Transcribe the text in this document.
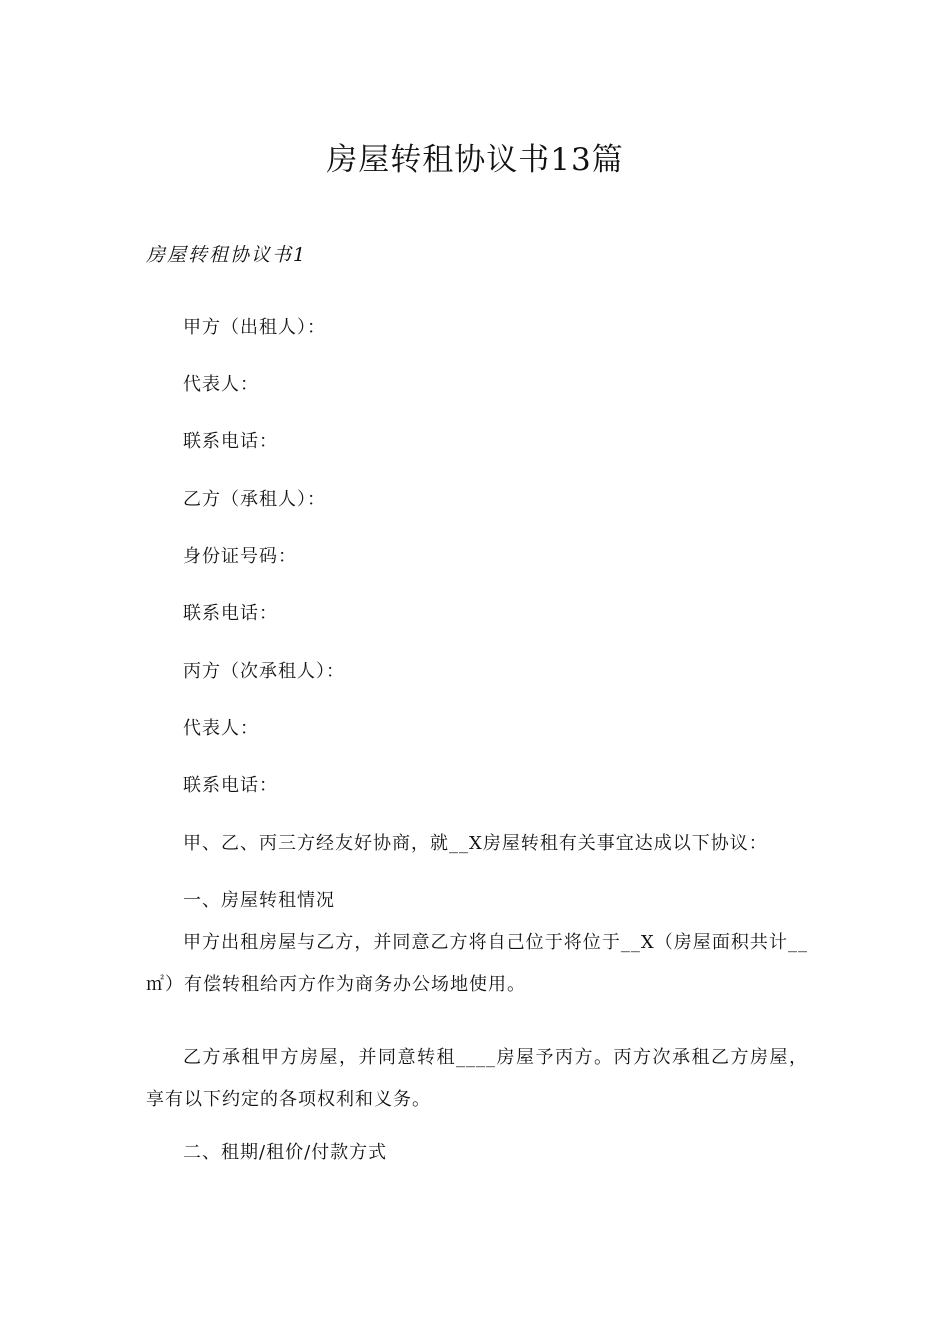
房屋转租协议书13篇
房屋转租协议书1
甲方（出租人）：
代表人：
联系电话：
乙方（承租人）：
身份证号码：
联系电话：
丙方（次承租人）：
代表人：
联系电话：
甲、乙、丙三方经友好协商，就__X房屋转租有关事宜达成以下协议：
一、房屋转租情况

甲方出租房屋与乙方，并同意乙方将自己位于将位于__X（房屋面积共计__㎡）有偿转租给丙方作为商务办公场地使用。

乙方承租甲方房屋，并同意转租____房屋予丙方。丙方次承租乙方房屋，享有以下约定的各项权利和义务。

二、租期/租价/付款方式
